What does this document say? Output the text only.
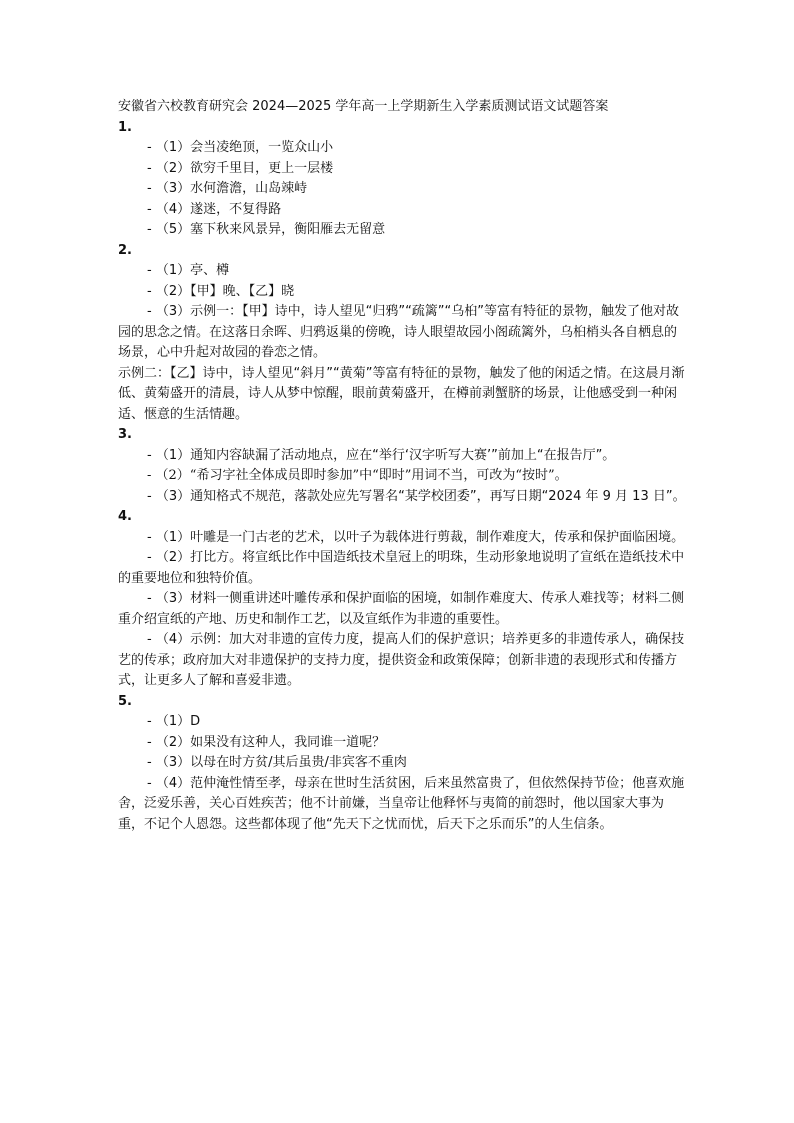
安徽省六校教育研究会 2024—2025 学年高一上学期新生入学素质测试语文试题答案

1.
- （1）会当凌绝顶，一览众山小
- （2）欲穷千里目，更上一层楼
- （3）水何澹澹，山岛竦峙
- （4）遂迷，不复得路
- （5）塞下秋来风景异，衡阳雁去无留意
2.
- （1）亭、樽
- （2）【甲】晚、【乙】晓
- （3）示例一：【甲】诗中，诗人望见“归鸦”“疏篱”“乌桕”等富有特征的景物，触发了他对故园的思念之情。在这落日余晖、归鸦返巢的傍晚，诗人眼望故园小阁疏篱外，乌桕梢头各自栖息的场景，心中升起对故园的眷恋之情。
示例二：【乙】诗中，诗人望见“斜月”“黄菊”等富有特征的景物，触发了他的闲适之情。在这晨月渐低、黄菊盛开的清晨，诗人从梦中惊醒，眼前黄菊盛开，在樽前剥蟹脐的场景，让他感受到一种闲适、惬意的生活情趣。
3.
- （1）通知内容缺漏了活动地点，应在“举行‘汉字听写大赛’”前加上“在报告厅”。
- （2）“希习字社全体成员即时参加”中“即时”用词不当，可改为“按时”。
- （3）通知格式不规范，落款处应先写署名“某学校团委”，再写日期“2024 年 9 月 13 日”。
4.
- （1）叶雕是一门古老的艺术，以叶子为载体进行剪裁，制作难度大，传承和保护面临困境。
- （2）打比方。将宣纸比作中国造纸技术皇冠上的明珠，生动形象地说明了宣纸在造纸技术中的重要地位和独特价值。
- （3）材料一侧重讲述叶雕传承和保护面临的困境，如制作难度大、传承人难找等；材料二侧重介绍宣纸的产地、历史和制作工艺，以及宣纸作为非遗的重要性。
- （4）示例：加大对非遗的宣传力度，提高人们的保护意识；培养更多的非遗传承人，确保技艺的传承；政府加大对非遗保护的支持力度，提供资金和政策保障；创新非遗的表现形式和传播方式，让更多人了解和喜爱非遗。
5.
- （1）D
- （2）如果没有这种人，我同谁一道呢？
- （3）以母在时方贫/其后虽贵/非宾客不重肉
- （4）范仲淹性情至孝，母亲在世时生活贫困，后来虽然富贵了，但依然保持节俭；他喜欢施舍，泛爱乐善，关心百姓疾苦；他不计前嫌，当皇帝让他释怀与夷简的前怨时，他以国家大事为重，不记个人恩怨。这些都体现了他“先天下之忧而忧，后天下之乐而乐”的人生信条。
